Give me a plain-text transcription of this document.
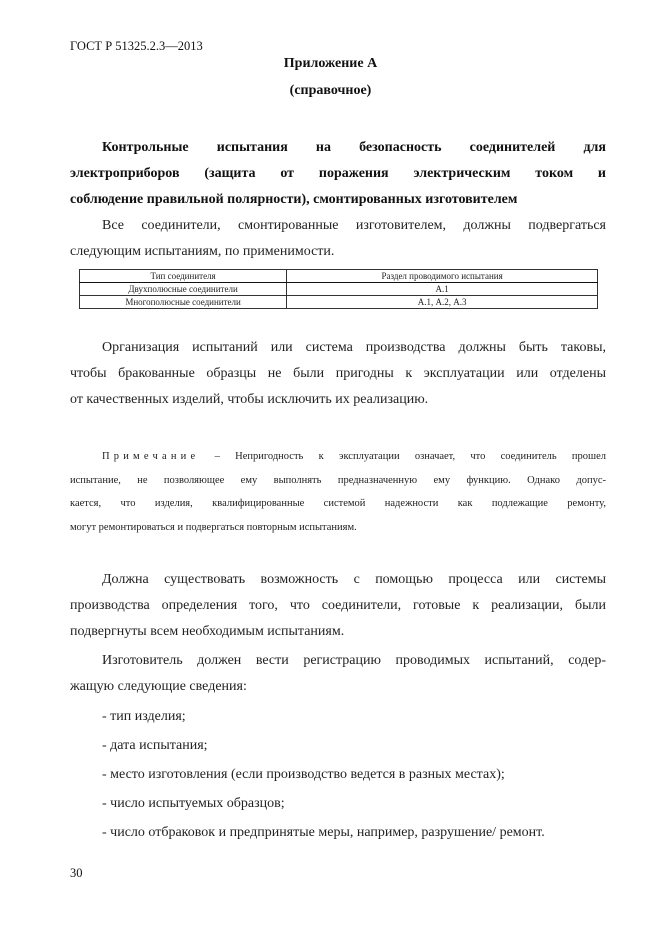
ГОСТ Р 51325.2.3—2013
Приложение А
(справочное)
Контрольные испытания на безопасность соединителей для
электроприборов (защита от поражения электрическим током и
соблюдение правильной полярности), смонтированных изготовителем
Все соединители, смонтированные изготовителем, должны подвергаться
следующим испытаниям, по применимости.
Тип соединителя	Раздел проводимого испытания
Двухполюсные соединители	А.1
Многополюсные соединители	А.1, А.2, А.3
Организация испытаний или система производства должны быть таковы,
чтобы бракованные образцы не были пригодны к эксплуатации или отделены
от качественных изделий, чтобы исключить их реализацию.
Примечание – Непригодность к эксплуатации означает, что соединитель прошел
испытание, не позволяющее ему выполнять предназначенную ему функцию. Однако допус-
кается, что изделия, квалифицированные системой надежности как подлежащие ремонту,
могут ремонтироваться и подвергаться повторным испытаниям.
Должна существовать возможность с помощью процесса или системы
производства определения того, что соединители, готовые к реализации, были
подвергнуты всем необходимым испытаниям.
Изготовитель должен вести регистрацию проводимых испытаний, содер-
жащую следующие сведения:
- тип изделия;
- дата испытания;
- место изготовления (если производство ведется в разных местах);
- число испытуемых образцов;
- число отбраковок и предпринятые меры, например, разрушение/ ремонт.
30
